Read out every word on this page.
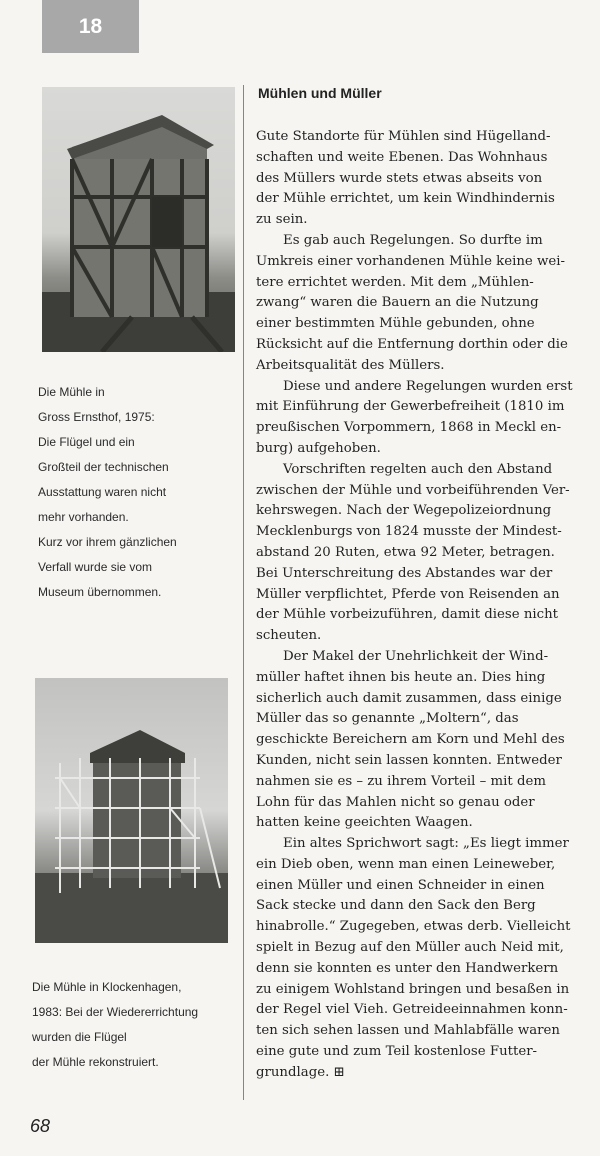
18
Die Mühle in
Gross Ernsthof, 1975:
Die Flügel und ein
Großteil der technischen
Ausstattung waren nicht
mehr vorhanden.
Kurz vor ihrem gänzlichen
Verfall wurde sie vom
Museum übernommen.
Die Mühle in Klockenhagen,
1983: Bei der Wiedererrichtung
wurden die Flügel
der Mühle rekonstruiert.
Mühlen und Müller
Gute Standorte für Mühlen sind Hügelland-
schaften und weite Ebenen. Das Wohnhaus
des Müllers wurde stets etwas abseits von
der Mühle errichtet, um kein Windhindernis
zu sein.
Es gab auch Regelungen. So durfte im
Umkreis einer vorhandenen Mühle keine wei-
tere errichtet werden. Mit dem „Mühlen-
zwang“ waren die Bauern an die Nutzung
einer bestimmten Mühle gebunden, ohne
Rücksicht auf die Entfernung dorthin oder die
Arbeitsqualität des Müllers.
Diese und andere Regelungen wurden erst
mit Einführung der Gewerbefreiheit (1810 im
preußischen Vorpommern, 1868 in Meckl en-
burg) aufgehoben.
Vorschriften regelten auch den Abstand
zwischen der Mühle und vorbeiführenden Ver-
kehrswegen. Nach der Wegepolizeiordnung
Mecklenburgs von 1824 musste der Mindest-
abstand 20 Ruten, etwa 92 Meter, betragen.
Bei Unterschreitung des Abstandes war der
Müller verpflichtet, Pferde von Reisenden an
der Mühle vorbeizuführen, damit diese nicht
scheuten.
Der Makel der Unehrlichkeit der Wind-
müller haftet ihnen bis heute an. Dies hing
sicherlich auch damit zusammen, dass einige
Müller das so genannte „Moltern“, das
geschickte Bereichern am Korn und Mehl des
Kunden, nicht sein lassen konnten. Entweder
nahmen sie es – zu ihrem Vorteil – mit dem
Lohn für das Mahlen nicht so genau oder
hatten keine geeichten Waagen.
Ein altes Sprichwort sagt: „Es liegt immer
ein Dieb oben, wenn man einen Leineweber,
einen Müller und einen Schneider in einen
Sack stecke und dann den Sack den Berg
hinabrolle.“ Zugegeben, etwas derb. Vielleicht
spielt in Bezug auf den Müller auch Neid mit,
denn sie konnten es unter den Handwerkern
zu einigem Wohlstand bringen und besaßen in
der Regel viel Vieh. Getreideeinnahmen konn-
ten sich sehen lassen und Mahlabfälle waren
eine gute und zum Teil kostenlose Futter-
grundlage. ⊞
68
